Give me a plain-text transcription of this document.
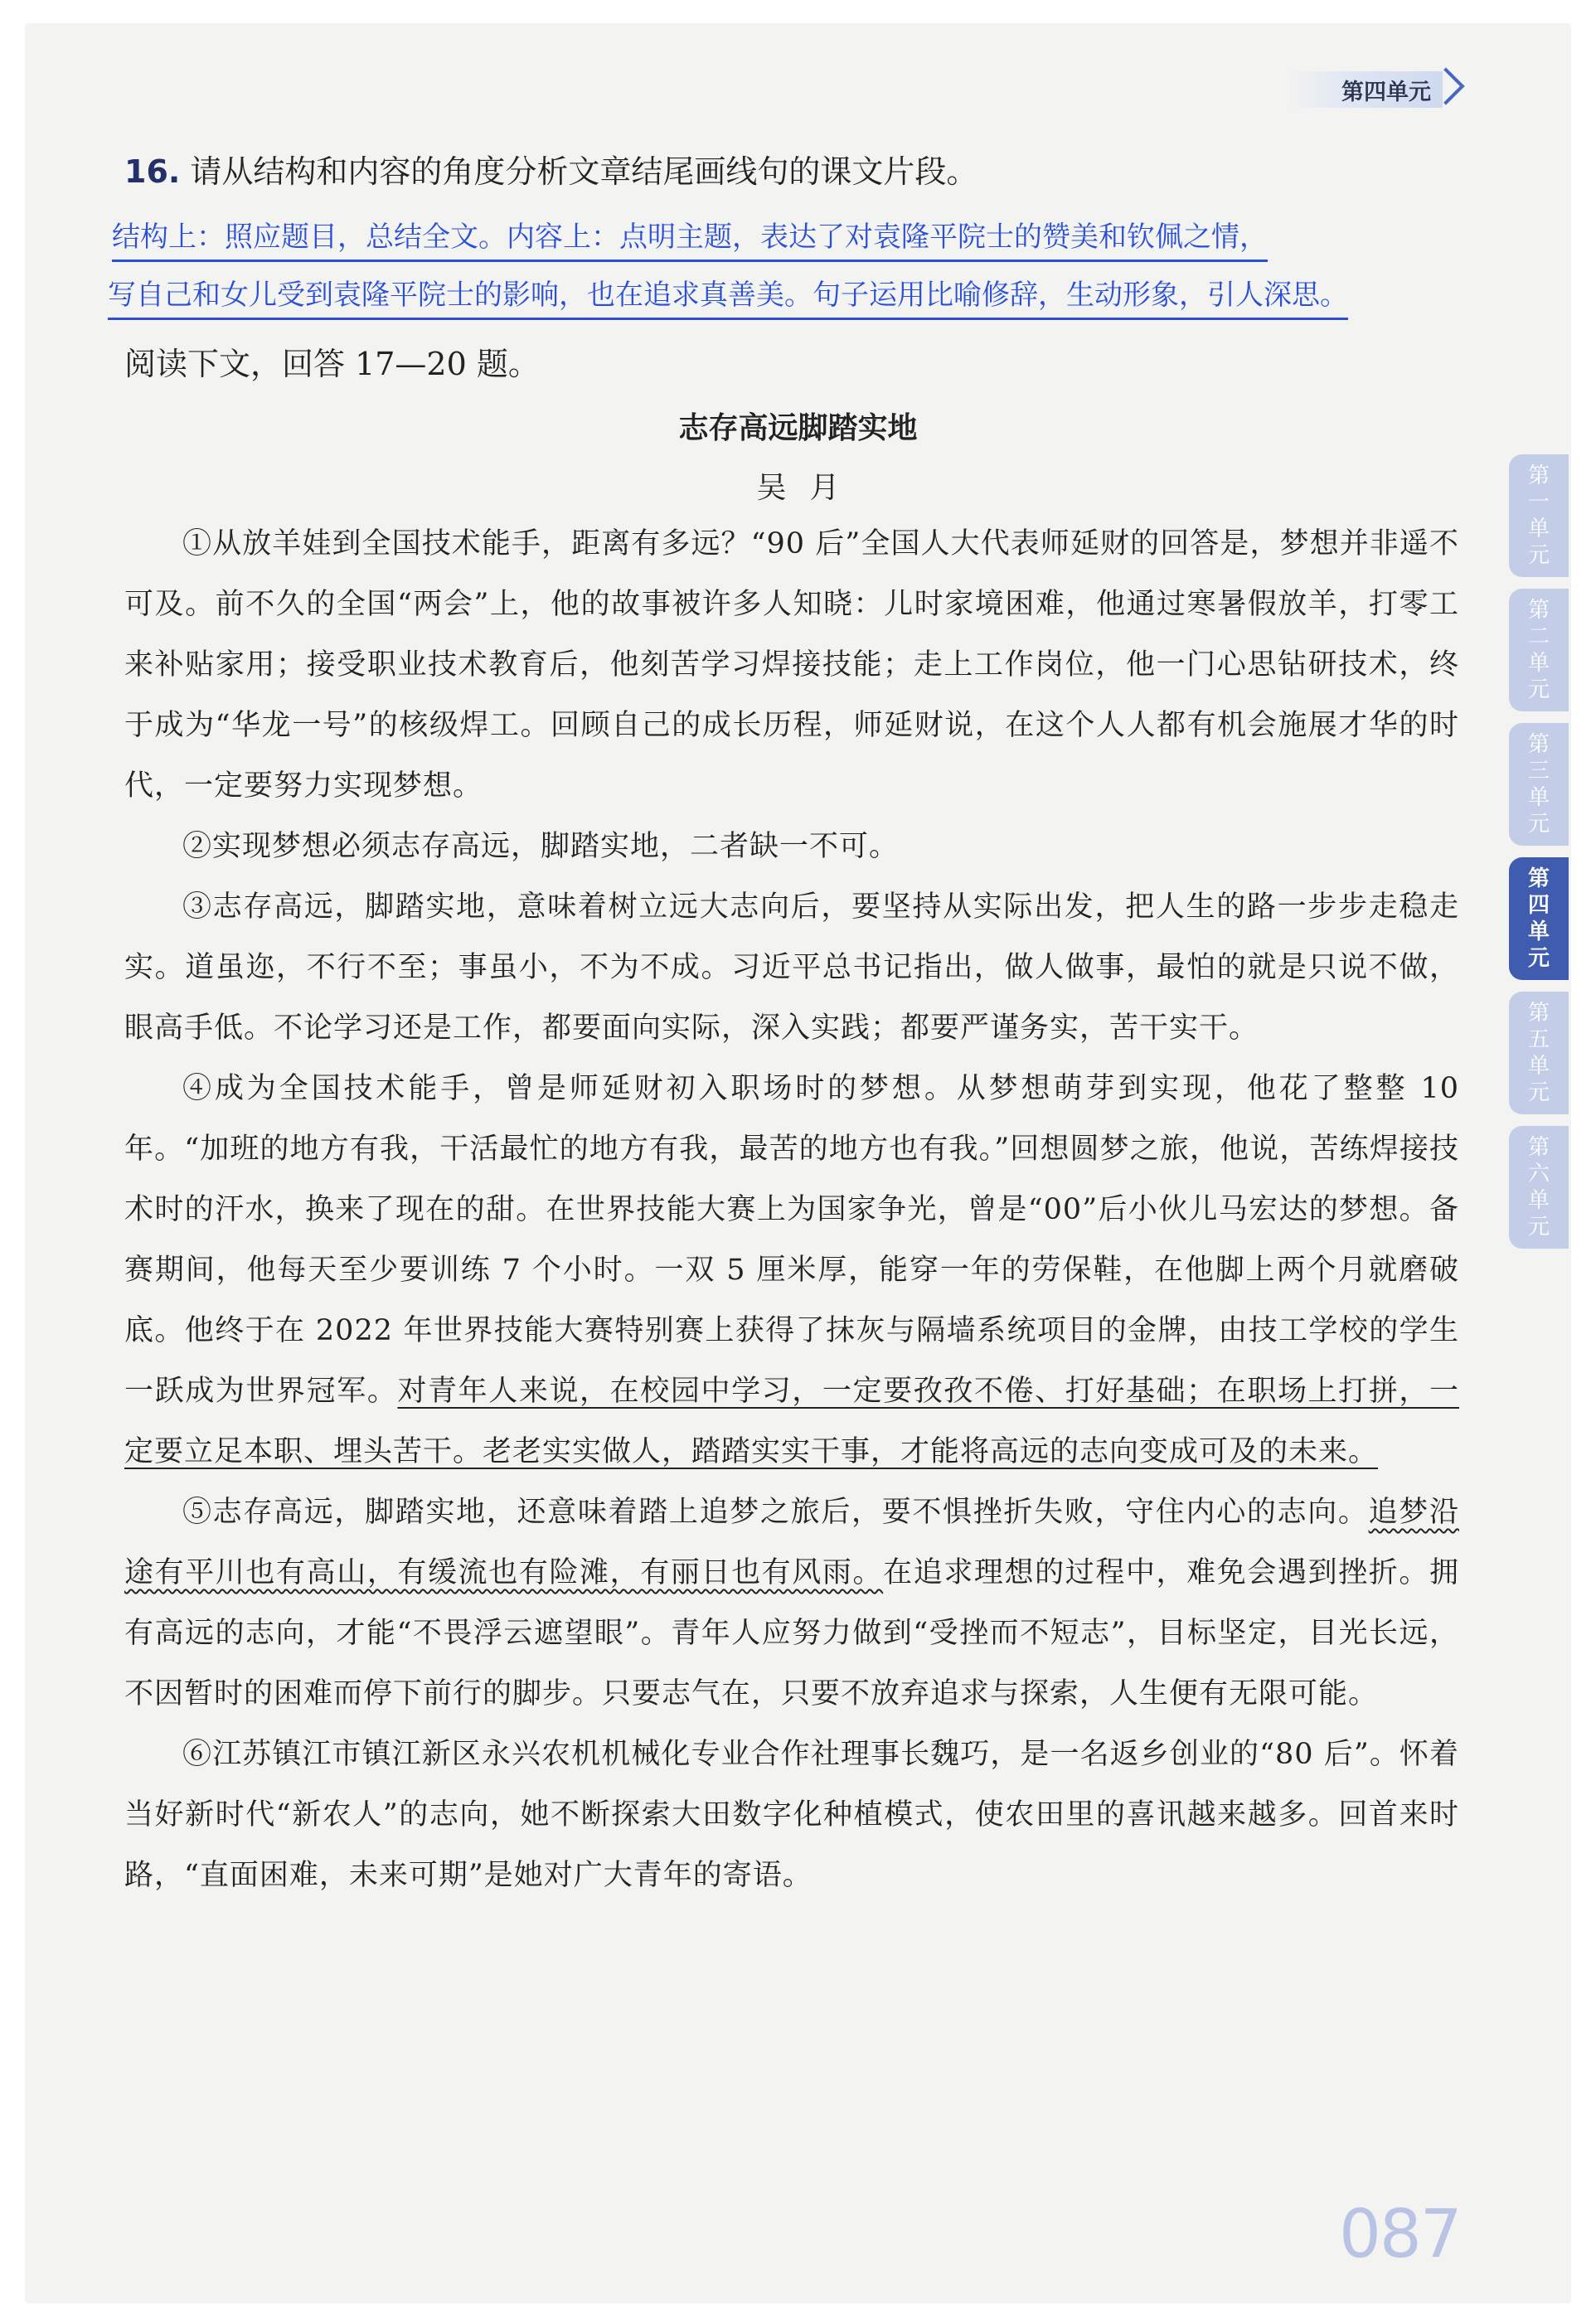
第四单元
第
一
单
元
第
二
单
元
第
三
单
元
第
四
单
元
第
五
单
元
第
六
单
元

16. 请从结构和内容的角度分析文章结尾画线句的课文片段。

结构上：照应题目，总结全文。内容上：点明主题，表达了对袁隆平院士的赞美和钦佩之情，
写自己和女儿受到袁隆平院士的影响，也在追求真善美。句子运用比喻修辞，生动形象，引人深思。
阅读下文，回答 17—20 题。
志存高远脚踏实地
吴月

①从放羊娃到全国技术能手，距离有多远？“90 后”全国人大代表师延财的回答是，梦想并非遥不可及。前不久的全国“两会”上，他的故事被许多人知晓：儿时家境困难，他通过寒暑假放羊，打零工来补贴家用；接受职业技术教育后，他刻苦学习焊接技能；走上工作岗位，他一门心思钻研技术，终于成为“华龙一号”的核级焊工。回顾自己的成长历程，师延财说，在这个人人都有机会施展才华的时代，一定要努力实现梦想。

②实现梦想必须志存高远，脚踏实地，二者缺一不可。

③志存高远，脚踏实地，意味着树立远大志向后，要坚持从实际出发，把人生的路一步步走稳走实。道虽迩，不行不至；事虽小，不为不成。习近平总书记指出，做人做事，最怕的就是只说不做，眼高手低。不论学习还是工作，都要面向实际，深入实践；都要严谨务实，苦干实干。

④成为全国技术能手，曾是师延财初入职场时的梦想。从梦想萌芽到实现，他花了整整 10 年。“加班的地方有我，干活最忙的地方有我，最苦的地方也有我。”回想圆梦之旅，他说，苦练焊接技术时的汗水，换来了现在的甜。在世界技能大赛上为国家争光，曾是“00”后小伙儿马宏达的梦想。备赛期间，他每天至少要训练 7 个小时。一双 5 厘米厚，能穿一年的劳保鞋，在他脚上两个月就磨破底。他终于在 2022 年世界技能大赛特别赛上获得了抹灰与隔墙系统项目的金牌，由技工学校的学生一跃成为世界冠军。对青年人来说，在校园中学习，一定要孜孜不倦、打好基础；在职场上打拼，一定要立足本职、埋头苦干。老老实实做人，踏踏实实干事，才能将高远的志向变成可及的未来。

⑤志存高远，脚踏实地，还意味着踏上追梦之旅后，要不惧挫折失败，守住内心的志向。追梦沿途有平川也有高山，有缓流也有险滩，有丽日也有风雨。在追求理想的过程中，难免会遇到挫折。拥有高远的志向，才能“不畏浮云遮望眼”。青年人应努力做到“受挫而不短志”，目标坚定，目光长远，不因暂时的困难而停下前行的脚步。只要志气在，只要不放弃追求与探索，人生便有无限可能。

⑥江苏镇江市镇江新区永兴农机机械化专业合作社理事长魏巧，是一名返乡创业的“80 后”。怀着当好新时代“新农人”的志向，她不断探索大田数字化种植模式，使农田里的喜讯越来越多。回首来时路，“直面困难，未来可期”是她对广大青年的寄语。

087
